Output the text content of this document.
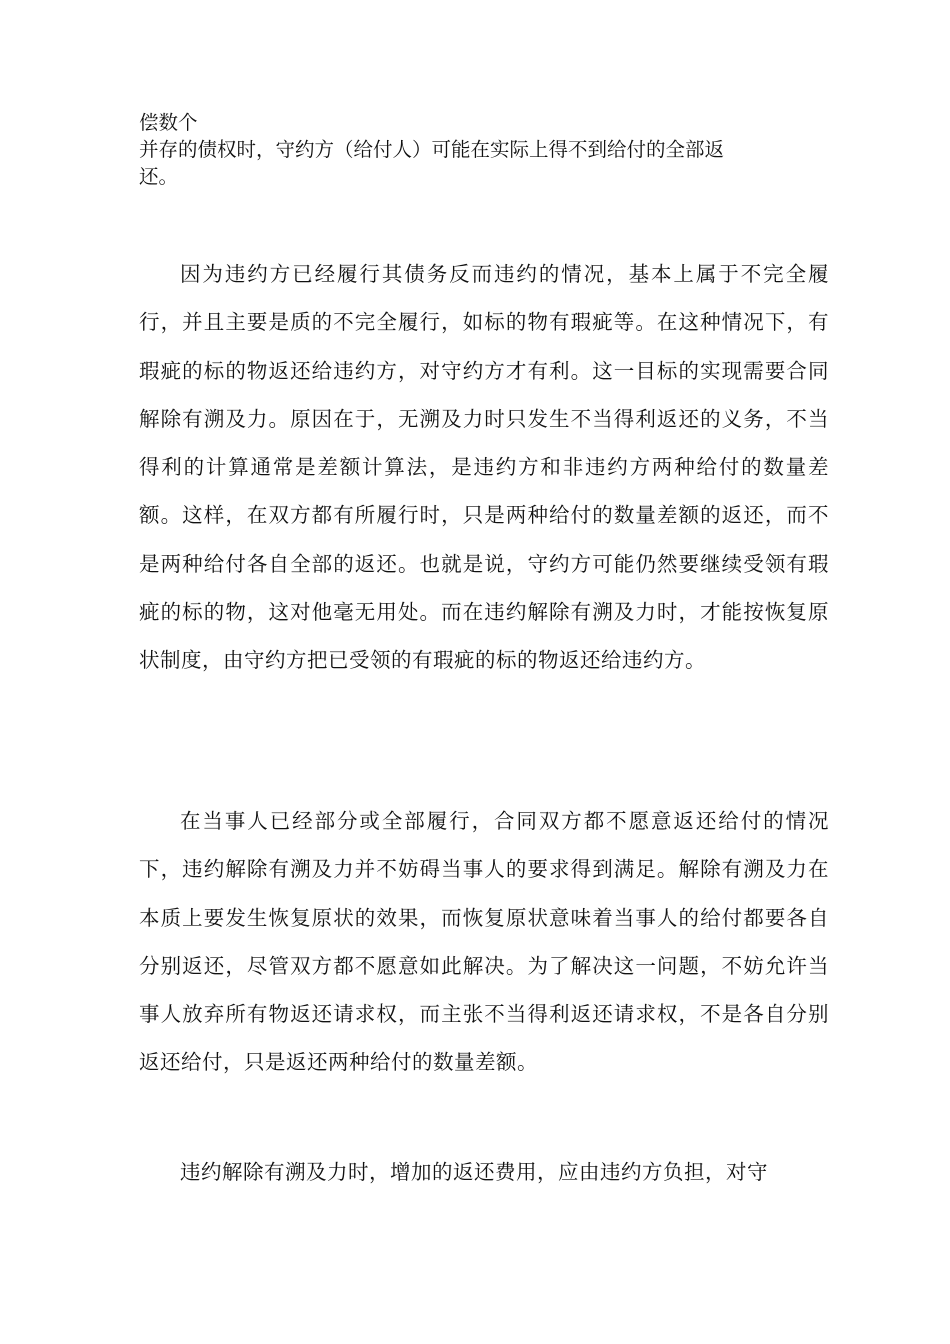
偿数个
并存的债权时，守约方（给付人）可能在实际上得不到给付的全部返
还。

因为违约方已经履行其债务反而违约的情况，基本上属于不完全履行，并且主要是质的不完全履行，如标的物有瑕疵等。在这种情况下，有瑕疵的标的物返还给违约方，对守约方才有利。这一目标的实现需要合同解除有溯及力。原因在于，无溯及力时只发生不当得利返还的义务，不当得利的计算通常是差额计算法，是违约方和非违约方两种给付的数量差额。这样，在双方都有所履行时，只是两种给付的数量差额的返还，而不是两种给付各自全部的返还。也就是说，守约方可能仍然要继续受领有瑕疵的标的物，这对他毫无用处。而在违约解除有溯及力时，才能按恢复原状制度，由守约方把已受领的有瑕疵的标的物返还给违约方。

在当事人已经部分或全部履行，合同双方都不愿意返还给付的情况下，违约解除有溯及力并不妨碍当事人的要求得到满足。解除有溯及力在本质上要发生恢复原状的效果，而恢复原状意味着当事人的给付都要各自分别返还，尽管双方都不愿意如此解决。为了解决这一问题，不妨允许当事人放弃所有物返还请求权，而主张不当得利返还请求权，不是各自分别返还给付，只是返还两种给付的数量差额。

违约解除有溯及力时，增加的返还费用，应由违约方负担，对守
